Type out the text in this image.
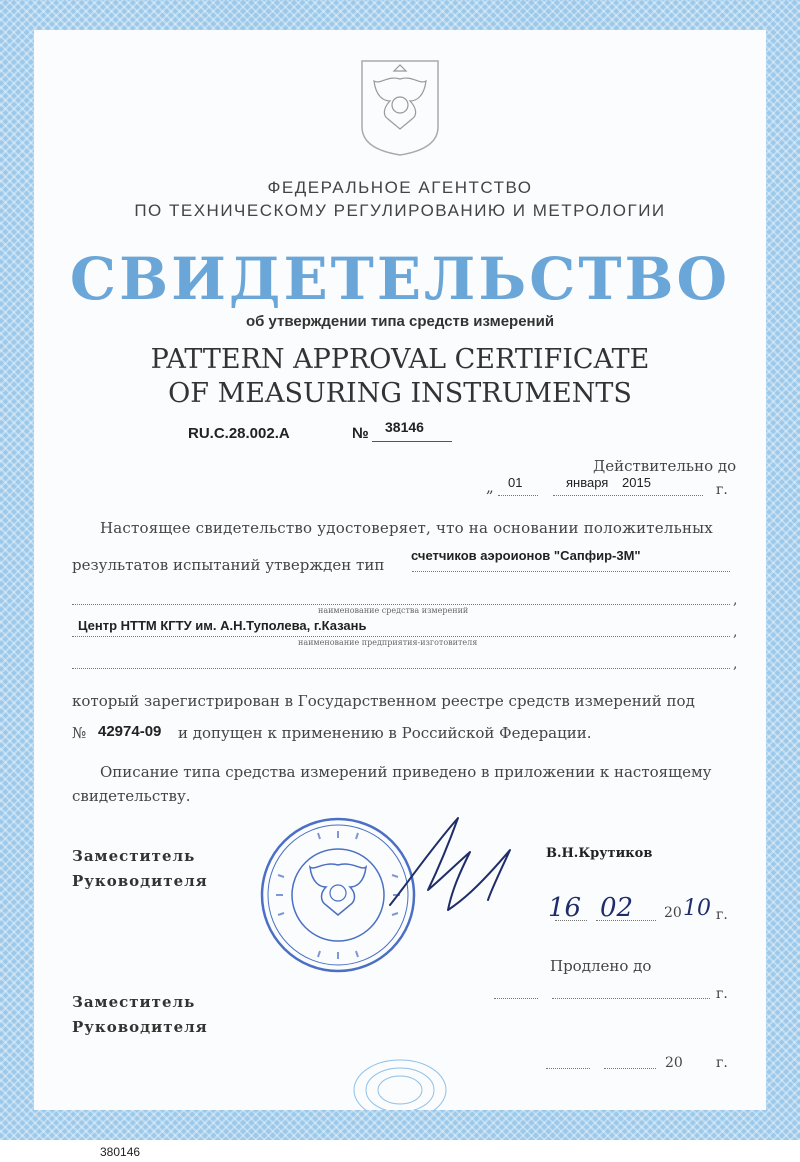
ФЕДЕРАЛЬНОЕ АГЕНТСТВО
ПО ТЕХНИЧЕСКОМУ РЕГУЛИРОВАНИЮ И МЕТРОЛОГИИ
СВИДЕТЕЛЬСТВО
об утверждении типа средств измерений
PATTERN APPROVAL CERTIFICATE
OF MEASURING INSTRUMENTS
RU.C.28.002.A	№ 38146
Действительно до
„ 01	января 2015	г.
Настоящее свидетельство удостоверяет, что на основании положительных
результатов испытаний утвержден тип
счетчиков аэроионов "Сапфир-3М"
,
наименование средства измерений
Центр НТТМ КГТУ им. А.Н.Туполева, г.Казань	,
наименование предприятия-изготовителя
,
который зарегистрирован в Государственном реестре средств измерений под
№ 42974-09 и допущен к применению в Российской Федерации.
Описание типа средства измерений приведено в приложении к настоящему
свидетельству.
Заместитель
Руководителя
В.Н.Крутиков
16 02 20 10 г.
Продлено до
г.
Заместитель
Руководителя
20 г.
380146
